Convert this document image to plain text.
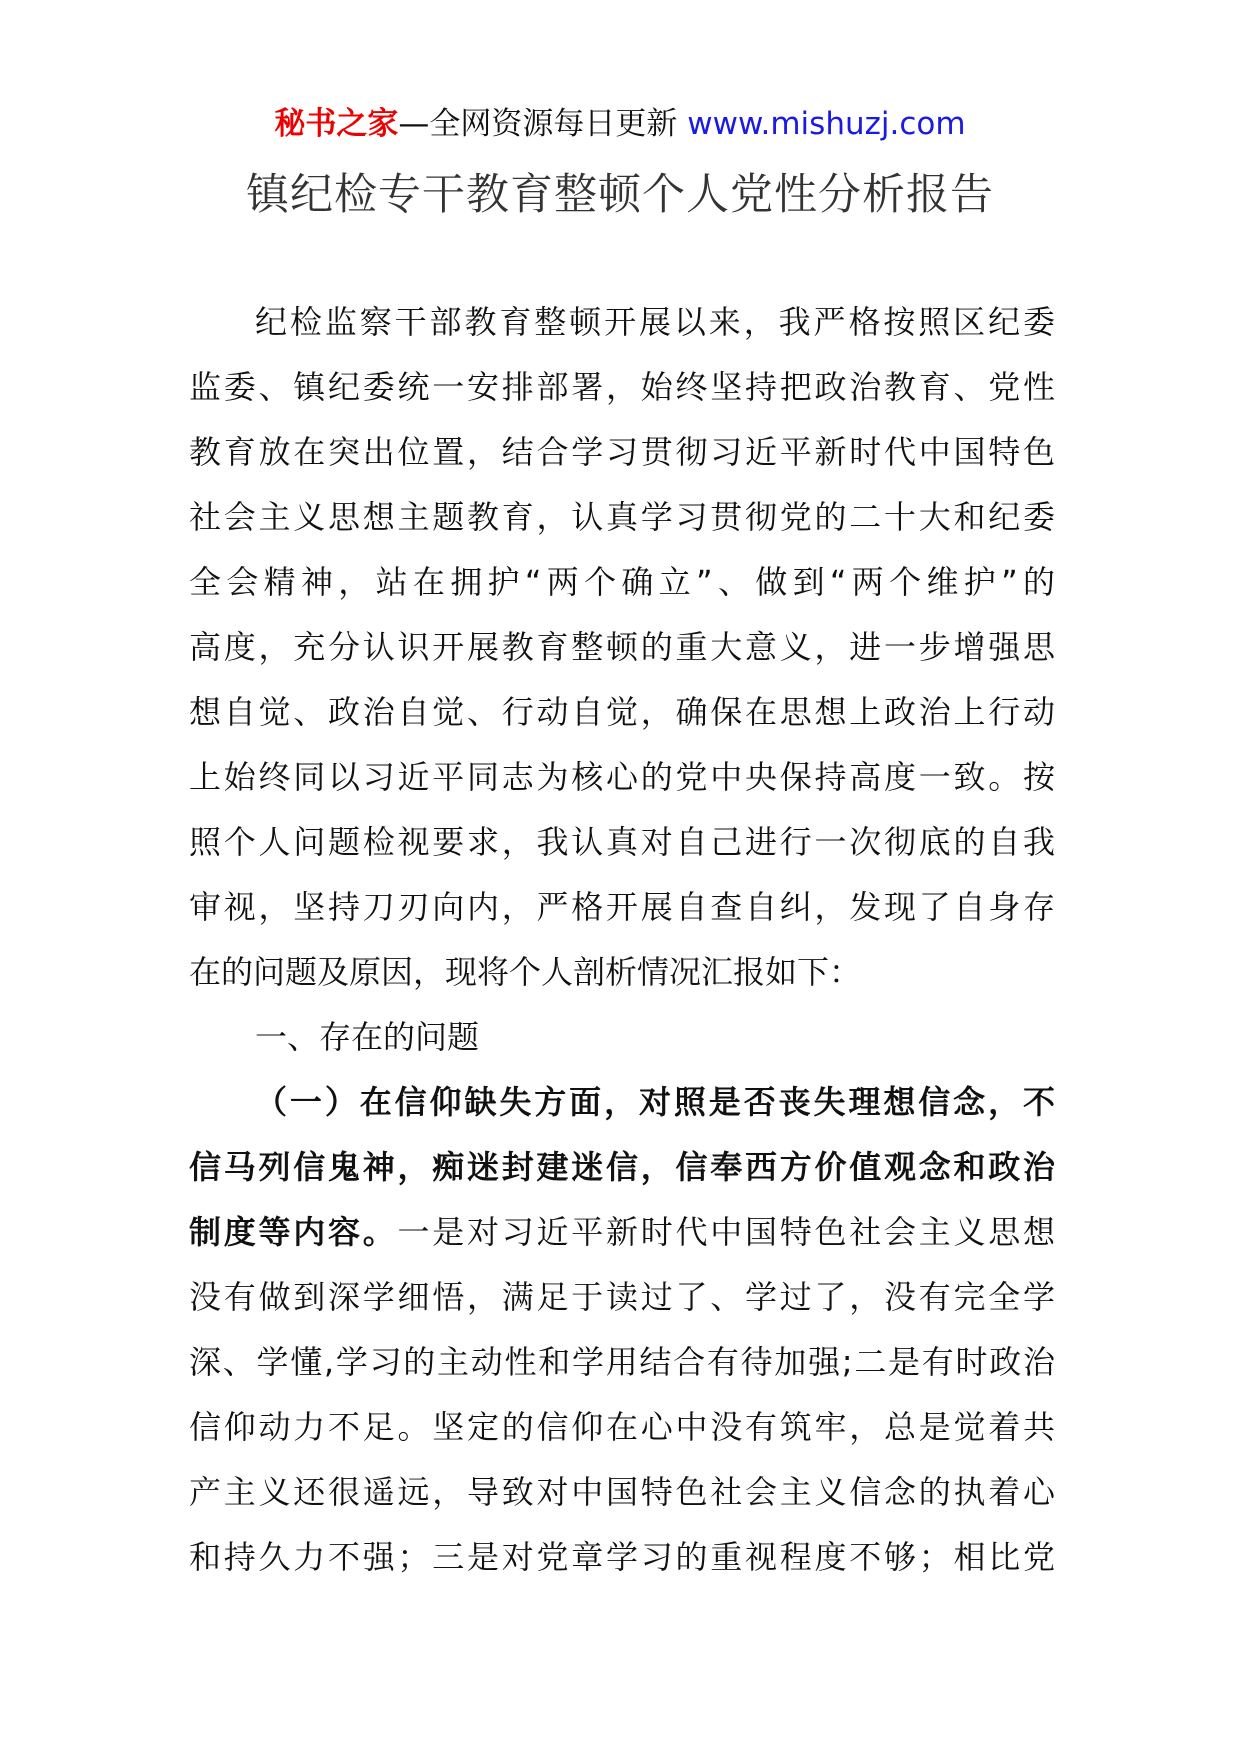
秘书之家—全网资源每日更新 www.mishuzj.com
镇纪检专干教育整顿个人党性分析报告
纪检监察干部教育整顿开展以来，我严格按照区纪委
监委、镇纪委统一安排部署，始终坚持把政治教育、党性
教育放在突出位置，结合学习贯彻习近平新时代中国特色
社会主义思想主题教育，认真学习贯彻党的二十大和纪委
全会精神，站在拥护“两个确立”、做到“两个维护”的
高度，充分认识开展教育整顿的重大意义，进一步增强思
想自觉、政治自觉、行动自觉，确保在思想上政治上行动
上始终同以习近平同志为核心的党中央保持高度一致。按
照个人问题检视要求，我认真对自己进行一次彻底的自我
审视，坚持刀刃向内，严格开展自查自纠，发现了自身存
在的问题及原因，现将个人剖析情况汇报如下：
一、存在的问题
（一）在信仰缺失方面，对照是否丧失理想信念，不
信马列信鬼神，痴迷封建迷信，信奉西方价值观念和政治
制度等内容。一是对习近平新时代中国特色社会主义思想
没有做到深学细悟，满足于读过了、学过了，没有完全学
深、学懂,学习的主动性和学用结合有待加强;二是有时政治
信仰动力不足。坚定的信仰在心中没有筑牢，总是觉着共
产主义还很遥远，导致对中国特色社会主义信念的执着心
和持久力不强；三是对党章学习的重视程度不够；相比党
